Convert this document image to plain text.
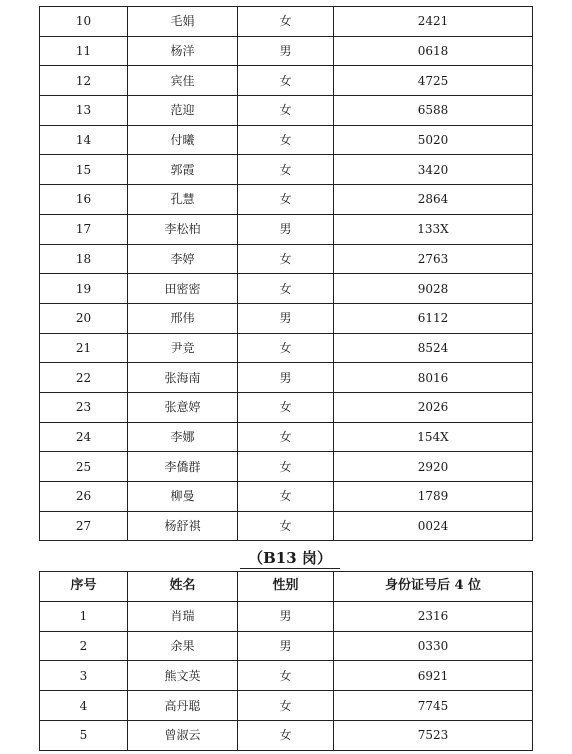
10	毛娟	女	2421
11	杨洋	男	0618
12	宾佳	女	4725
13	范迎	女	6588
14	付曦	女	5020
15	郭霞	女	3420
16	孔慧	女	2864
17	李松柏	男	133X
18	李婷	女	2763
19	田密密	女	9028
20	邢伟	男	6112
21	尹竞	女	8524
22	张海南	男	8016
23	张意婷	女	2026
24	李娜	女	154X
25	李僑群	女	2920
26	柳曼	女	1789
27	杨舒祺	女	0024
（B13 岗）
序号	姓名	性别	身份证号后 4 位
1	肖瑞	男	2316
2	余果	男	0330
3	熊文英	女	6921
4	高丹聪	女	7745
5	曾淑云	女	7523
